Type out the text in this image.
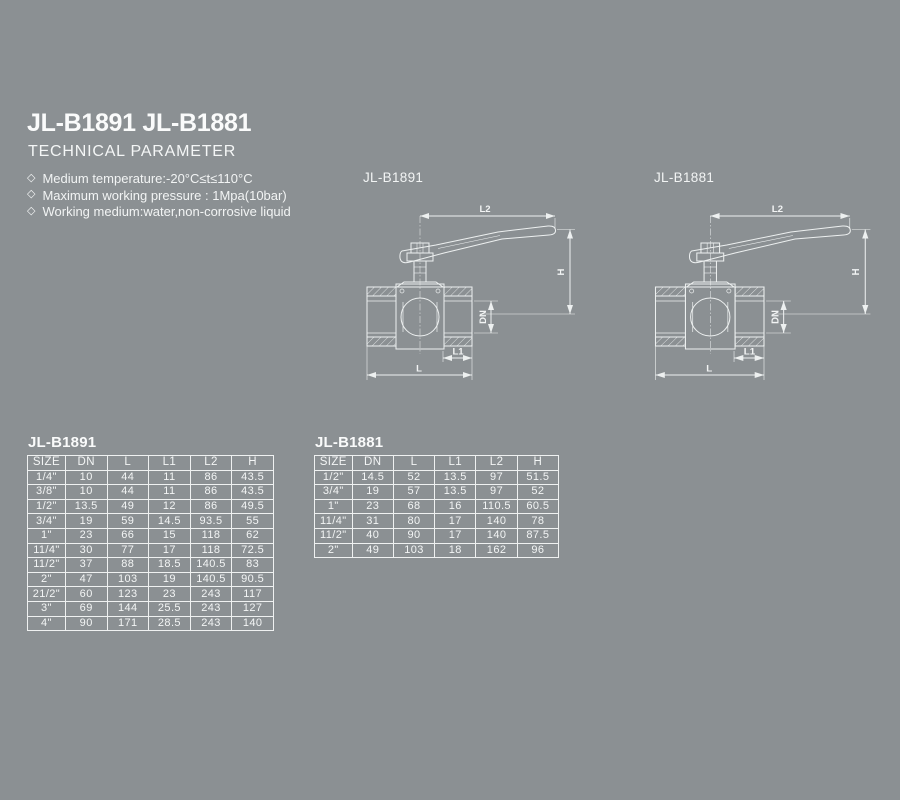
JL-B1891 JL-B1881
TECHNICAL PARAMETER
◇ Medium temperature:-20°C≤t≤110°C
◇ Maximum working pressure : 1Mpa(10bar)
◇ Working medium:water,non-corrosive liquid
JL-B1891	JL-B1881
L2
H
DN
L1
L
L2
H
DN
L1
L
JL-B1891
SIZE	DN	L	L1	L2	H
1/4"	10	44	11	86	43.5
3/8"	10	44	11	86	43.5
1/2"	13.5	49	12	86	49.5
3/4"	19	59	14.5	93.5	55
1"	23	66	15	118	62
11/4"	30	77	17	118	72.5
11/2"	37	88	18.5	140.5	83
2"	47	103	19	140.5	90.5
21/2"	60	123	23	243	117
3"	69	144	25.5	243	127
4"	90	171	28.5	243	140
JL-B1881
SIZE	DN	L	L1	L2	H
1/2"	14.5	52	13.5	97	51.5
3/4"	19	57	13.5	97	52
1"	23	68	16	110.5	60.5
11/4"	31	80	17	140	78
11/2"	40	90	17	140	87.5
2"	49	103	18	162	96
